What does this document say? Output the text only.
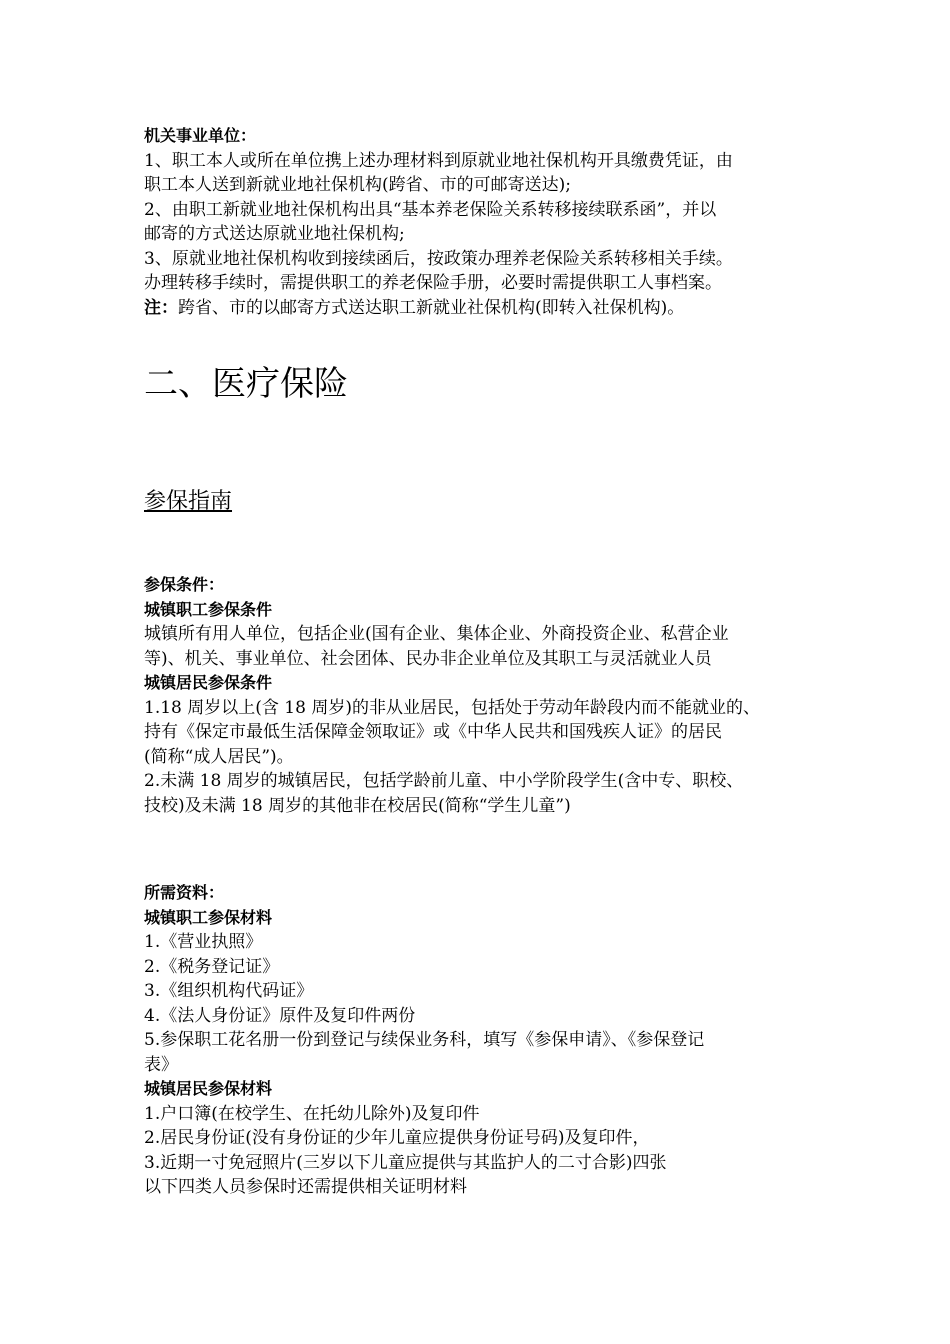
机关事业单位：
1、职工本人或所在单位携上述办理材料到原就业地社保机构开具缴费凭证，由
职工本人送到新就业地社保机构(跨省、市的可邮寄送达);
2、由职工新就业地社保机构出具“基本养老保险关系转移接续联系函”，并以
邮寄的方式送达原就业地社保机构;
3、原就业地社保机构收到接续函后，按政策办理养老保险关系转移相关手续。
办理转移手续时，需提供职工的养老保险手册，必要时需提供职工人事档案。
注：跨省、市的以邮寄方式送达职工新就业社保机构(即转入社保机构)。
二、医疗保险
参保指南
参保条件：
城镇职工参保条件
城镇所有用人单位，包括企业(国有企业、集体企业、外商投资企业、私营企业
等)、机关、事业单位、社会团体、民办非企业单位及其职工与灵活就业人员
城镇居民参保条件
1.18 周岁以上(含 18 周岁)的非从业居民，包括处于劳动年龄段内而不能就业的、
持有《保定市最低生活保障金领取证》或《中华人民共和国残疾人证》的居民
(简称“成人居民”)。
2.未满 18 周岁的城镇居民，包括学龄前儿童、中小学阶段学生(含中专、职校、
技校)及未满 18 周岁的其他非在校居民(简称“学生儿童”)
所需资料：
城镇职工参保材料
1.《营业执照》
2.《税务登记证》
3.《组织机构代码证》
4.《法人身份证》原件及复印件两份
5.参保职工花名册一份到登记与续保业务科，填写《参保申请》、《参保登记
表》
城镇居民参保材料
1.户口簿(在校学生、在托幼儿除外)及复印件
2.居民身份证(没有身份证的少年儿童应提供身份证号码)及复印件，
3.近期一寸免冠照片(三岁以下儿童应提供与其监护人的二寸合影)四张
以下四类人员参保时还需提供相关证明材料
